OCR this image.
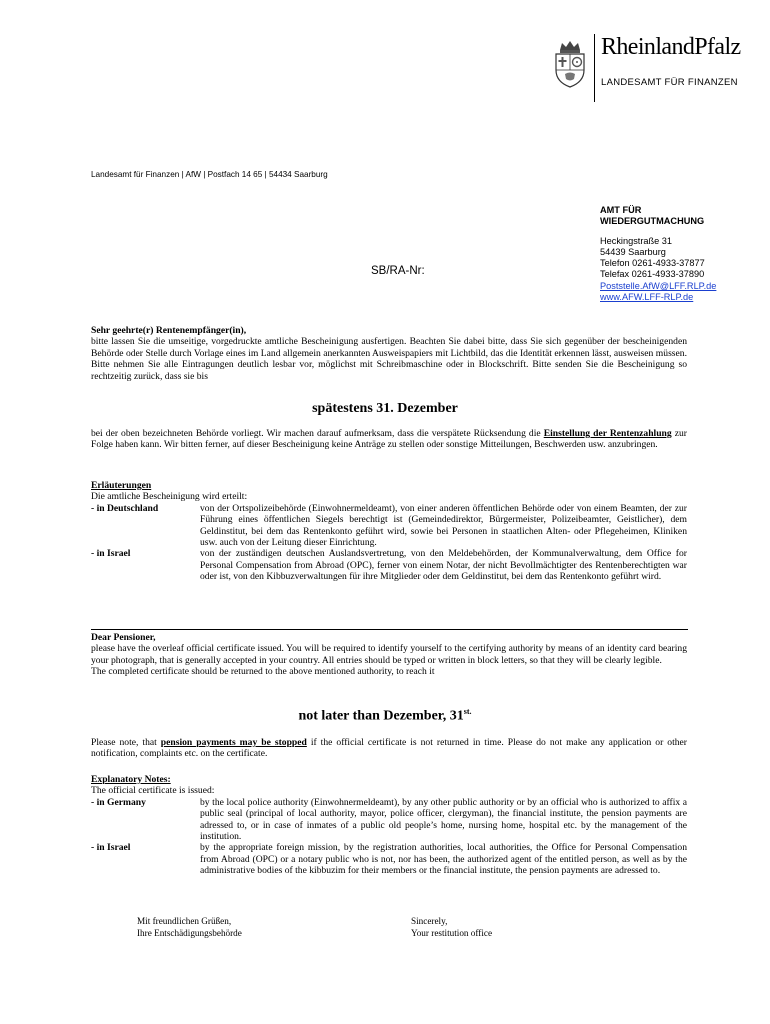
RheinlandPfalz
LANDESAMT FÜR FINANZEN
Landesamt für Finanzen | AfW | Postfach 14 65 | 54434 Saarburg
AMT FÜR
WIEDERGUTMACHUNG
Heckingstraße 31
54439 Saarburg
Telefon 0261-4933-37877
Telefax 0261-4933-37890
Poststelle.AfW@LFF.RLP.de
www.AFW.LFF-RLP.de
SB/RA-Nr:
Sehr geehrte(r) Rentenempfänger(in),
bitte lassen Sie die umseitige, vorgedruckte amtliche Bescheinigung ausfertigen. Beachten Sie dabei bitte, dass Sie sich gegenüber der bescheinigenden Behörde oder Stelle durch Vorlage eines im Land allgemein anerkannten Ausweispapiers mit Lichtbild, das die Identität erkennen lässt, ausweisen müssen. Bitte nehmen Sie alle Eintragungen deutlich lesbar vor, möglichst mit Schreibmaschine oder in Blockschrift. Bitte senden Sie die Bescheinigung so rechtzeitig zurück, dass sie bis
spätestens 31. Dezember
bei der oben bezeichneten Behörde vorliegt. Wir machen darauf aufmerksam, dass die verspätete Rücksendung die Einstellung der Rentenzahlung zur Folge haben kann. Wir bitten ferner, auf dieser Bescheinigung keine Anträge zu stellen oder sonstige Mitteilungen, Beschwerden usw. anzubringen.
Erläuterungen
Die amtliche Bescheinigung wird erteilt:
- in Deutschland	von der Ortspolizeibehörde (Einwohnermeldeamt), von einer anderen öffentlichen Behörde oder von einem Beamten, der zur Führung eines öffentlichen Siegels berechtigt ist (Gemeindedirektor, Bürgermeister, Polizeibeamter, Geistlicher), dem Geldinstitut, bei dem das Rentenkonto geführt wird, sowie bei Personen in staatlichen Alten- oder Pflegeheimen, Kliniken usw. auch von der Leitung dieser Einrichtung.
- in Israel	von der zuständigen deutschen Auslandsvertretung, von den Meldebehörden, der Kommunalverwaltung, dem Office for Personal Compensation from Abroad (OPC), ferner von einem Notar, der nicht Bevollmächtigter des Rentenberechtigten war oder ist, von den Kibbuzverwaltungen für ihre Mitglieder oder dem Geldinstitut, bei dem das Rentenkonto geführt wird.
Dear Pensioner,
please have the overleaf official certificate issued. You will be required to identify yourself to the certifying authority by means of an identity card bearing your photograph, that is generally accepted in your country. All entries should be typed or written in block letters, so that they will be clearly legible.
The completed certificate should be returned to the above mentioned authority, to reach it
not later than Dezember, $31^{st.}$
Please note, that pension payments may be stopped if the official certificate is not returned in time. Please do not make any application or other notification, complaints etc. on the certificate.
Explanatory Notes:
The official certificate is issued:
- in Germany	by the local police authority (Einwohnermeldeamt), by any other public authority or by an official who is authorized to affix a public seal (principal of local authority, mayor, police officer, clergyman), the financial institute, the pension payments are adressed to, or in case of inmates of a public old people’s home, nursing home, hospital etc. by the management of the institution.
- in Israel	by the appropriate foreign mission, by the registration authorities, local authorities, the Office for Personal Compensation from Abroad (OPC) or a notary public who is not, nor has been, the authorized agent of the entitled person, as well as by the administrative bodies of the kibbuzim for their members or the financial institute, the pension payments are adressed to.
Mit freundlichen Grüßen,
Ihre Entschädigungsbehörde
Sincerely,
Your restitution office
